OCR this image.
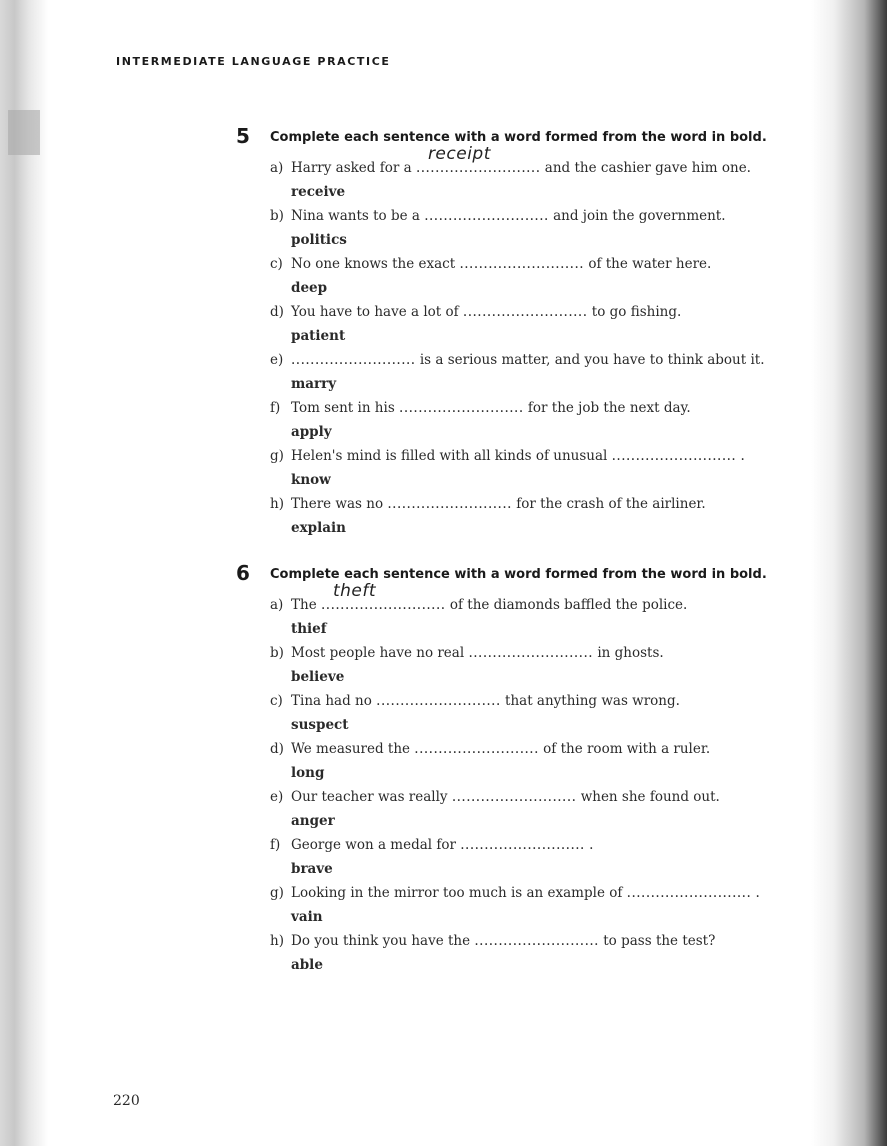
INTERMEDIATE LANGUAGE PRACTICE
5 Complete each sentence with a word formed from the word in bold.
a) Harry asked for a ..........................
receipt
and the cashier gave him one.
receive
b) Nina wants to be a .......................... and join the government.
politics
c) No one knows the exact .......................... of the water here.
deep
d) You have to have a lot of .......................... to go fishing.
patient
e) .......................... is a serious matter, and you have to think about it.
marry
f) Tom sent in his .......................... for the job the next day.
apply
g) Helen's mind is filled with all kinds of unusual .......................... .
know
h) There was no .......................... for the crash of the airliner.
explain
6 Complete each sentence with a word formed from the word in bold.
a) The ..........................
theft
of the diamonds baffled the police.
thief
b) Most people have no real .......................... in ghosts.
believe
c) Tina had no .......................... that anything was wrong.
suspect
d) We measured the .......................... of the room with a ruler.
long
e) Our teacher was really .......................... when she found out.
anger
f) George won a medal for .......................... .
brave
g) Looking in the mirror too much is an example of .......................... .
vain
h) Do you think you have the .......................... to pass the test?
able
220
